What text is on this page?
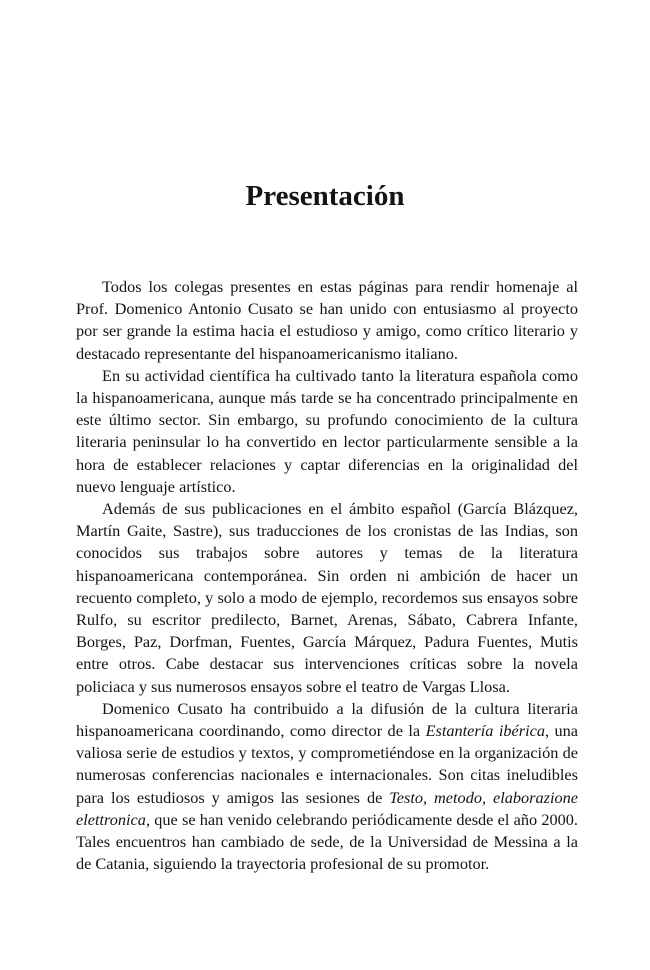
Presentación

Todos los colegas presentes en estas páginas para rendir homenaje al Prof. Domenico Antonio Cusato se han unido con entusiasmo al proyecto por ser grande la estima hacia el estudioso y amigo, como crítico literario y destacado representante del hispanoamericanismo italiano.

En su actividad científica ha cultivado tanto la literatura española como la hispanoamericana, aunque más tarde se ha concentrado principalmente en este último sector. Sin embargo, su profundo conocimiento de la cultura literaria peninsular lo ha convertido en lector particularmente sensible a la hora de establecer relaciones y captar diferencias en la originalidad del nuevo lenguaje artístico.

Además de sus publicaciones en el ámbito español (García Blázquez, Martín Gaite, Sastre), sus traducciones de los cronistas de las Indias, son conocidos sus trabajos sobre autores y temas de la literatura hispanoamericana contemporánea. Sin orden ni ambición de hacer un recuento completo, y solo a modo de ejemplo, recordemos sus ensayos sobre Rulfo, su escritor predilecto, Barnet, Arenas, Sábato, Cabrera Infante, Borges, Paz, Dorfman, Fuentes, García Márquez, Padura Fuentes, Mutis entre otros. Cabe destacar sus intervenciones críticas sobre la novela policiaca y sus numerosos ensayos sobre el teatro de Vargas Llosa.

Domenico Cusato ha contribuido a la difusión de la cultura literaria hispanoamericana coordinando, como director de la Estantería ibérica, una valiosa serie de estudios y textos, y comprometiéndose en la organización de numerosas conferencias nacionales e internacionales. Son citas ineludibles para los estudiosos y amigos las sesiones de Testo, metodo, elaborazione elettronica, que se han venido celebrando periódicamente desde el año 2000. Tales encuentros han cambiado de sede, de la Universidad de Messina a la de Catania, siguiendo la trayectoria profesional de su promotor.
